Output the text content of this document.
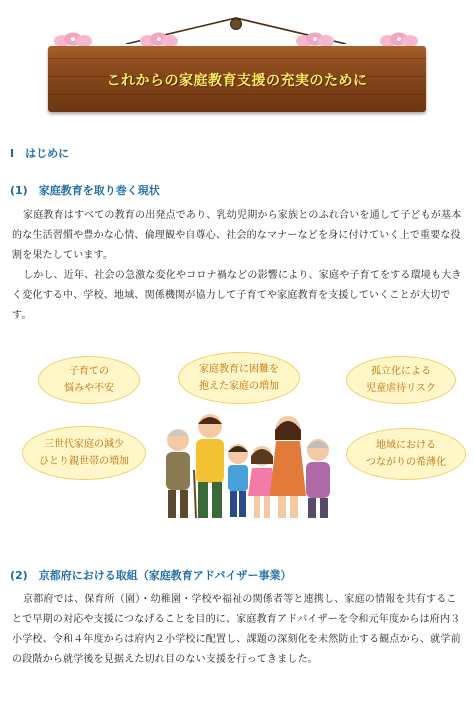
これからの家庭教育支援の充実のために
Ⅰ　はじめに
(1)　家庭教育を取り巻く現状
家庭教育はすべての教育の出発点であり、乳幼児期から家族とのふれ合いを通して子どもが基本的な生活習慣や豊かな心情、倫理観や自尊心、社会的なマナーなどを身に付けていく上で重要な役割を果たしています。
しかし、近年、社会の急激な変化やコロナ禍などの影響により、家庭や子育てをする環境も大きく変化する中、学校、地域、関係機関が協力して子育てや家庭教育を支援していくことが大切です。
子育ての
悩みや不安
家庭教育に困難を
抱えた家庭の増加
孤立化による
児童虐待リスク
三世代家庭の減少
ひとり親世帯の増加
地域における
つながりの希薄化
(2)　京都府における取組（家庭教育アドバイザー事業）
京都府では、保育所（園）・幼稚園・学校や福祉の関係者等と連携し、家庭の情報を共有することで早期の対応や支援につなげることを目的に、家庭教育アドバイザーを令和元年度からは府内３小学校、令和４年度からは府内２小学校に配置し、課題の深刻化を未然防止する観点から、就学前の段階から就学後を見据えた切れ目のない支援を行ってきました。
